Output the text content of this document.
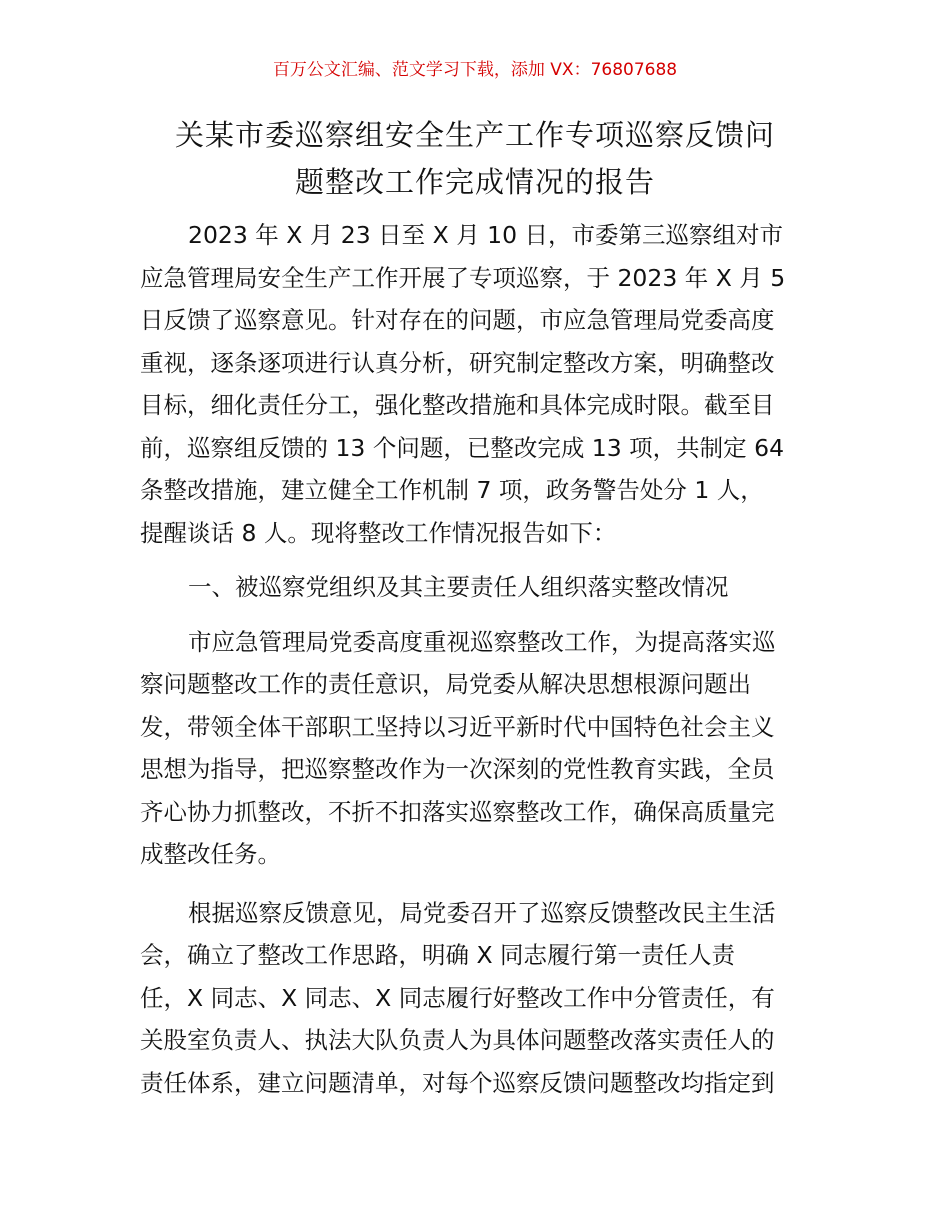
百万公文汇编、范文学习下载，添加 VX：76807688
关某市委巡察组安全生产工作专项巡察反馈问
题整改工作完成情况的报告
2023 年 X 月 23 日至 X 月 10 日，市委第三巡察组对市
应急管理局安全生产工作开展了专项巡察，于 2023 年 X 月 5
日反馈了巡察意见。针对存在的问题，市应急管理局党委高度
重视，逐条逐项进行认真分析，研究制定整改方案，明确整改
目标，细化责任分工，强化整改措施和具体完成时限。截至目
前，巡察组反馈的 13 个问题，已整改完成 13 项，共制定 64
条整改措施，建立健全工作机制 7 项，政务警告处分 1 人，
提醒谈话 8 人。现将整改工作情况报告如下：
一、被巡察党组织及其主要责任人组织落实整改情况
市应急管理局党委高度重视巡察整改工作，为提高落实巡
察问题整改工作的责任意识，局党委从解决思想根源问题出
发，带领全体干部职工坚持以习近平新时代中国特色社会主义
思想为指导，把巡察整改作为一次深刻的党性教育实践，全员
齐心协力抓整改，不折不扣落实巡察整改工作，确保高质量完
成整改任务。
根据巡察反馈意见，局党委召开了巡察反馈整改民主生活
会，确立了整改工作思路，明确 X 同志履行第一责任人责
任，X 同志、X 同志、X 同志履行好整改工作中分管责任，有
关股室负责人、执法大队负责人为具体问题整改落实责任人的
责任体系，建立问题清单，对每个巡察反馈问题整改均指定到
